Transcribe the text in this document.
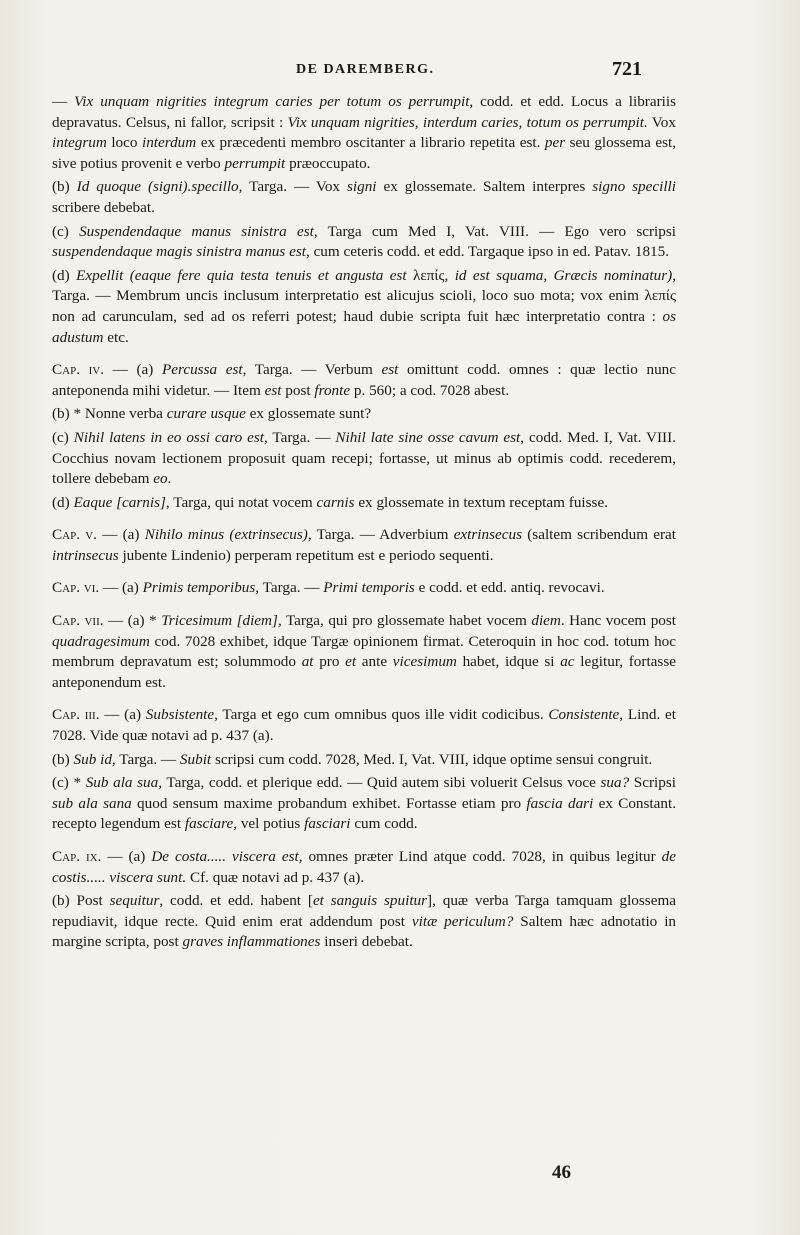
DE DAREMBERG.	721

— Vix unquam nigrities integrum caries per totum os perrumpit, codd. et edd. Locus a librariis depravatus. Celsus, ni fallor, scripsit : Vix unquam nigrities, interdum caries, totum os perrumpit. Vox integrum loco interdum ex præcedenti membro oscitanter a librario repetita est. per seu glossema est, sive potius provenit e verbo perrumpit præoccupato.

(b) Id quoque (signi).specillo, Targa. — Vox signi ex glossemate. Saltem interpres signo specilli scribere debebat.

(c) Suspendendaque manus sinistra est, Targa cum Med I, Vat. VIII. — Ego vero scripsi suspendendaque magis sinistra manus est, cum ceteris codd. et edd. Targaque ipso in ed. Patav. 1815.

(d) Expellit (eaque fere quia testa tenuis et angusta est λεπίς, id est squama, Græcis nominatur), Targa. — Membrum uncis inclusum interpretatio est alicujus scioli, loco suo mota; vox enim λεπίς non ad carunculam, sed ad os referri potest; haud dubie scripta fuit hæc interpretatio contra : os adustum etc.

Cap. iv. — (a) Percussa est, Targa. — Verbum est omittunt codd. omnes : quæ lectio nunc anteponenda mihi videtur. — Item est post fronte p. 560; a cod. 7028 abest.

(b) * Nonne verba curare usque ex glossemate sunt?

(c) Nihil latens in eo ossi caro est, Targa. — Nihil late sine osse cavum est, codd. Med. I, Vat. VIII. Cocchius novam lectionem proposuit quam recepi; fortasse, ut minus ab optimis codd. recederem, tollere debebam eo.

(d) Eaque [carnis], Targa, qui notat vocem carnis ex glossemate in textum receptam fuisse.

Cap. v. — (a) Nihilo minus (extrinsecus), Targa. — Adverbium extrinsecus (saltem scribendum erat intrinsecus jubente Lindenio) perperam repetitum est e periodo sequenti.

Cap. vi. — (a) Primis temporibus, Targa. — Primi temporis e codd. et edd. antiq. revocavi.

Cap. vii. — (a) * Tricesimum [diem], Targa, qui pro glossemate habet vocem diem. Hanc vocem post quadragesimum cod. 7028 exhibet, idque Targæ opinionem firmat. Ceteroquin in hoc cod. totum hoc membrum depravatum est; solummodo at pro et ante vicesimum habet, idque si ac legitur, fortasse anteponendum est.

Cap. iii. — (a) Subsistente, Targa et ego cum omnibus quos ille vidit codicibus. Consistente, Lind. et 7028. Vide quæ notavi ad p. 437 (a).

(b) Sub id, Targa. — Subit scripsi cum codd. 7028, Med. I, Vat. VIII, idque optime sensui congruit.

(c) * Sub ala sua, Targa, codd. et plerique edd. — Quid autem sibi voluerit Celsus voce sua? Scripsi sub ala sana quod sensum maxime probandum exhibet. Fortasse etiam pro fascia dari ex Constant. recepto legendum est fasciare, vel potius fasciari cum codd.

Cap. ix. — (a) De costa..... viscera est, omnes præter Lind atque codd. 7028, in quibus legitur de costis..... viscera sunt. Cf. quæ notavi ad p. 437 (a).

(b) Post sequitur, codd. et edd. habent [et sanguis spuitur], quæ verba Targa tamquam glossema repudiavit, idque recte. Quid enim erat addendum post vitæ periculum? Saltem hæc adnotatio in margine scripta, post graves inflammationes inseri debebat.

46
